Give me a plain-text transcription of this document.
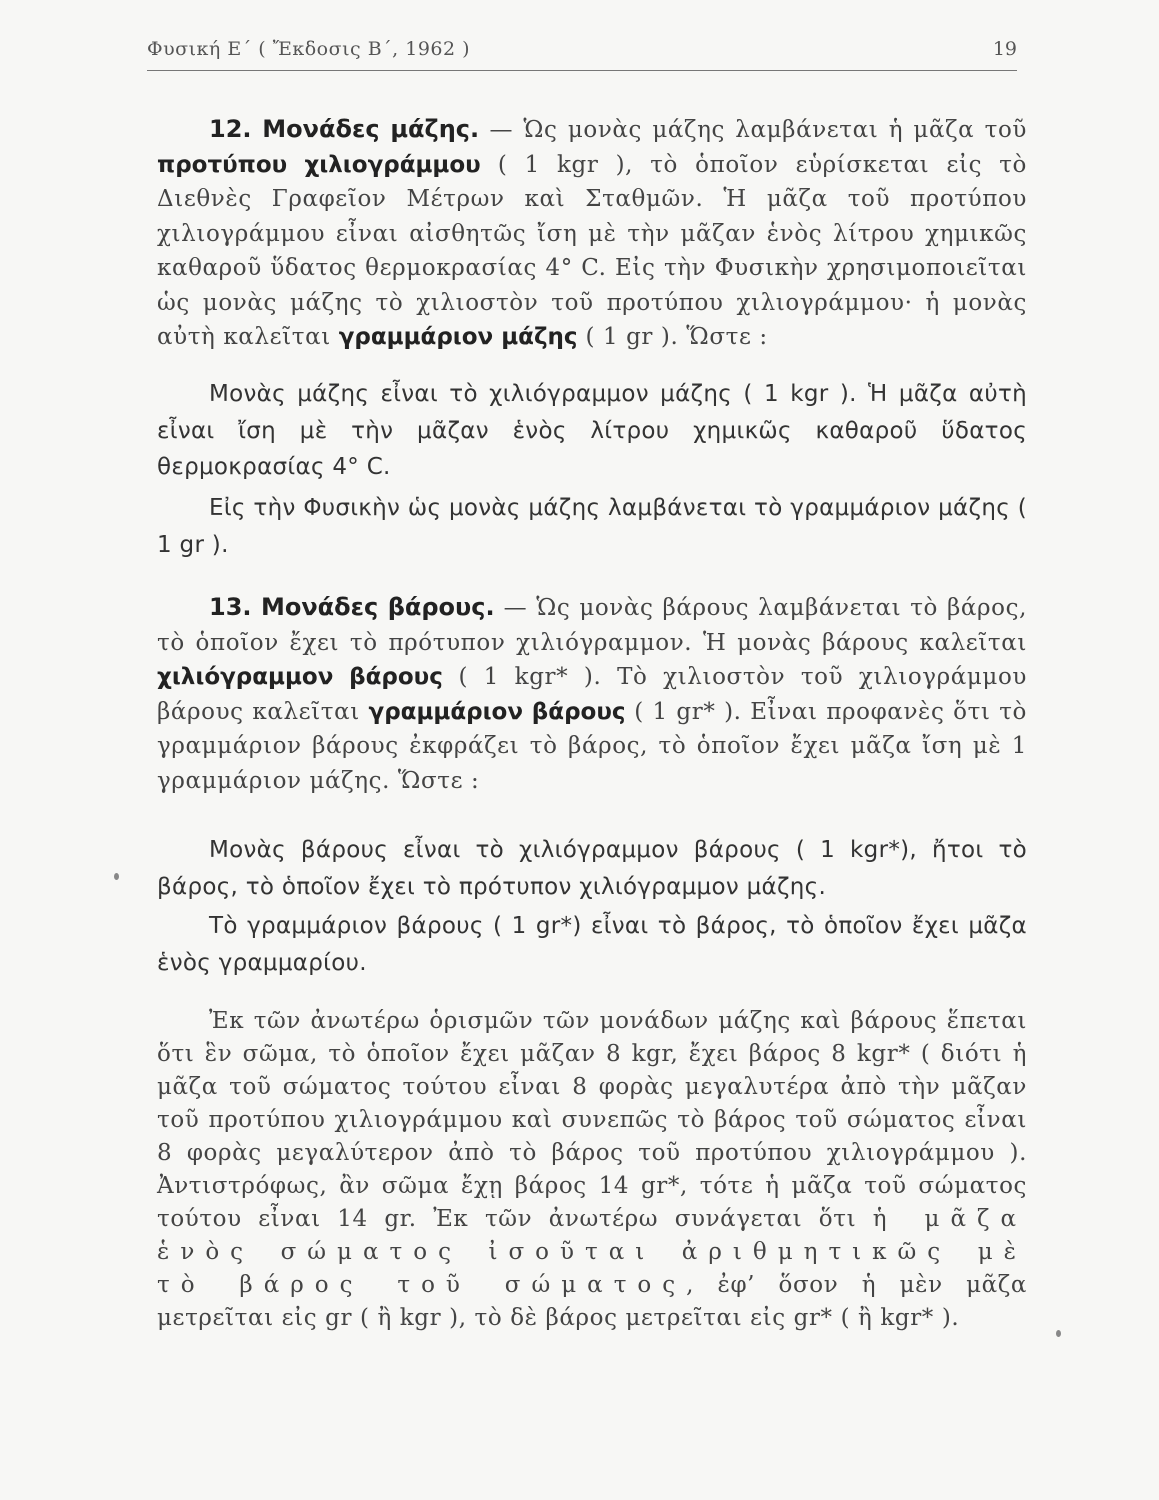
Φυσική Ε΄ ( Ἔκδοσις Β΄, 1962 )	19
12. Μονάδες μάζης. — Ὡς μονὰς μάζης λαμβάνεται ἡ μᾶζα τοῦ προτύπου χιλιογράμμου ( 1 kgr ), τὸ ὁποῖον εὑρίσκεται εἰς τὸ Διεθνὲς Γραφεῖον Μέτρων καὶ Σταθμῶν. Ἡ μᾶζα τοῦ προτύπου χιλιογράμμου εἶναι αἰσθητῶς ἴση μὲ τὴν μᾶζαν ἑνὸς λίτρου χημικῶς καθαροῦ ὕδατος θερμοκρασίας 4° C. Εἰς τὴν Φυσικὴν χρησιμοποιεῖται ὡς μονὰς μάζης τὸ χιλιοστὸν τοῦ προτύπου χιλιογράμμου· ἡ μονὰς αὐτὴ καλεῖται γραμμάριον μάζης ( 1 gr ). Ὥστε :
Μονὰς μάζης εἶναι τὸ χιλιόγραμμον μάζης ( 1 kgr ). Ἡ μᾶζα αὐτὴ εἶναι ἴση μὲ τὴν μᾶζαν ἑνὸς λίτρου χημικῶς καθαροῦ ὕδατος θερμοκρασίας 4° C.
Εἰς τὴν Φυσικὴν ὡς μονὰς μάζης λαμβάνεται τὸ γραμμάριον μάζης ( 1 gr ).
13. Μονάδες βάρους. — Ὡς μονὰς βάρους λαμβάνεται τὸ βάρος, τὸ ὁποῖον ἔχει τὸ πρότυπον χιλιόγραμμον. Ἡ μονὰς βάρους καλεῖται χιλιόγραμμον βάρους ( 1 kgr* ). Τὸ χιλιοστὸν τοῦ χιλιογράμμου βάρους καλεῖται γραμμάριον βάρους ( 1 gr* ). Εἶναι προφανὲς ὅτι τὸ γραμμάριον βάρους ἐκφράζει τὸ βάρος, τὸ ὁποῖον ἔχει μᾶζα ἴση μὲ 1 γραμμάριον μάζης. Ὥστε :
Μονὰς βάρους εἶναι τὸ χιλιόγραμμον βάρους ( 1 kgr*), ἤτοι τὸ βάρος, τὸ ὁποῖον ἔχει τὸ πρότυπον χιλιόγραμμον μάζης.
Τὸ γραμμάριον βάρους ( 1 gr*) εἶναι τὸ βάρος, τὸ ὁποῖον ἔχει μᾶζα ἑνὸς γραμμαρίου.
Ἐκ τῶν ἀνωτέρω ὁρισμῶν τῶν μονάδων μάζης καὶ βάρους ἕπεται ὅτι ἓν σῶμα, τὸ ὁποῖον ἔχει μᾶζαν 8 kgr, ἔχει βάρος 8 kgr* ( διότι ἡ μᾶζα τοῦ σώματος τούτου εἶναι 8 φορὰς μεγαλυτέρα ἀπὸ τὴν μᾶζαν τοῦ προτύπου χιλιογράμμου καὶ συνεπῶς τὸ βάρος τοῦ σώματος εἶναι 8 φορὰς μεγαλύτερον ἀπὸ τὸ βάρος τοῦ προτύπου χιλιογράμμου ). Ἀντιστρόφως, ἂν σῶμα ἔχῃ βάρος 14 gr*, τότε ἡ μᾶζα τοῦ σώματος τούτου εἶναι 14 gr. Ἐκ τῶν ἀνωτέρω συνάγεται ὅτι ἡ μᾶζα ἑνὸς σώματος ἰσοῦται ἀριθμητικῶς μὲ τὸ βάρος τοῦ σώματος, ἐφ’ ὅσον ἡ μὲν μᾶζα μετρεῖται εἰς gr ( ἢ kgr ), τὸ δὲ βάρος μετρεῖται εἰς gr* ( ἢ kgr* ).
